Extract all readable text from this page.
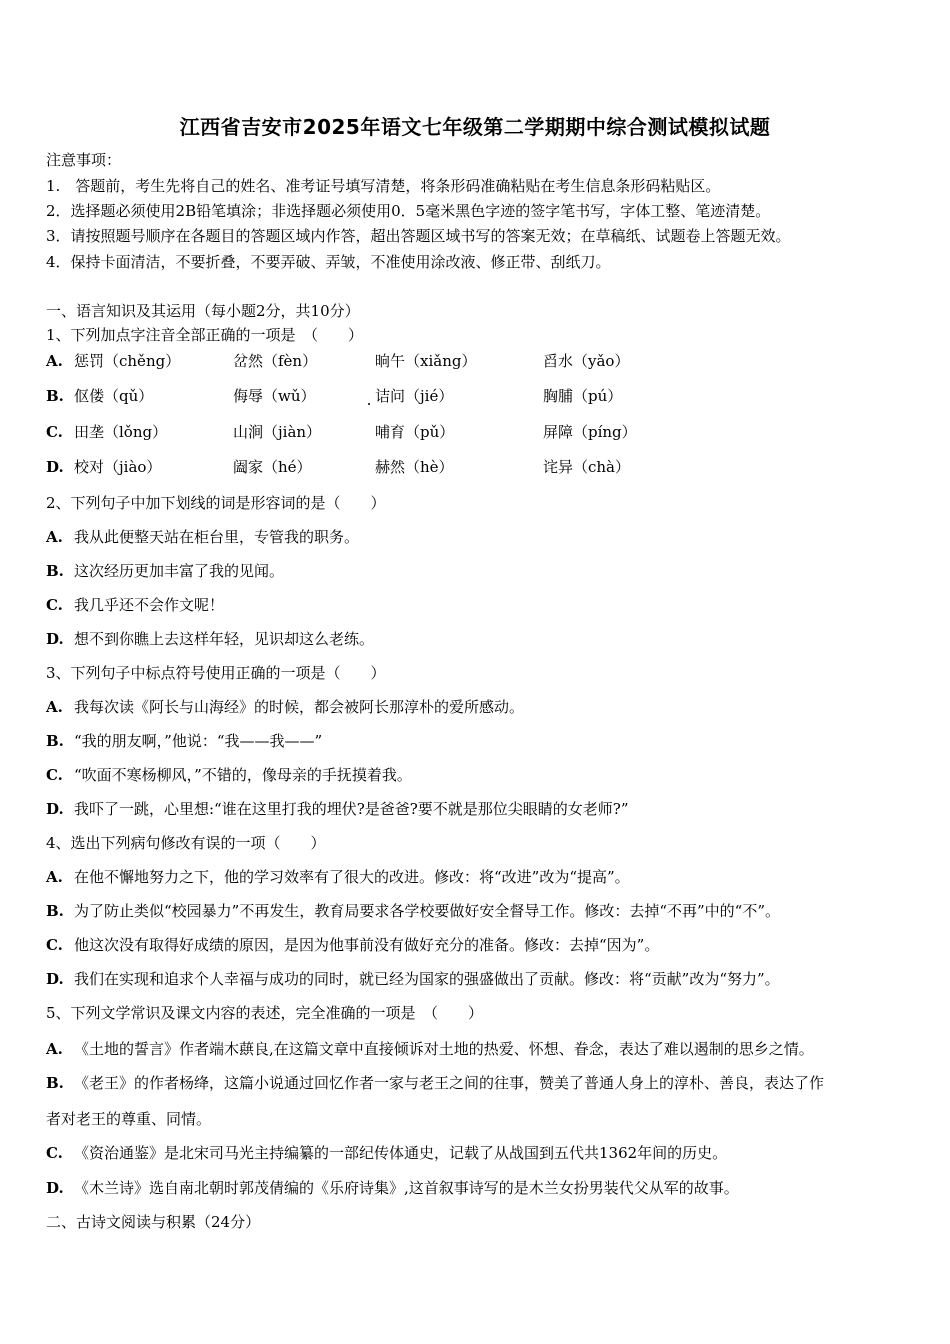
江西省吉安市2025年语文七年级第二学期期中综合测试模拟试题
注意事项：
1.　答题前，考生先将自己的姓名、准考证号填写清楚，将条形码准确粘贴在考生信息条形码粘贴区。
2．选择题必须使用2B铅笔填涂；非选择题必须使用0．5毫米黑色字迹的签字笔书写，字体工整、笔迹清楚。
3．请按照题号顺序在各题目的答题区域内作答，超出答题区域书写的答案无效；在草稿纸、试题卷上答题无效。
4．保持卡面清洁，不要折叠，不要弄破、弄皱，不准使用涂改液、修正带、刮纸刀。
一、语言知识及其运用（每小题2分，共10分）
1、下列加点字注音全部正确的一项是　（　　）
A. 惩罚（chěng）	岔然（fèn）	晌午（xiǎng）	舀水（yǎo）
B. 伛偻（qǔ）	侮辱（wǔ）	诘问（jié）	胸脯（pú）
C. 田垄（lǒng）	山涧（jiàn）	哺育（pǔ）	屏障（píng）
D. 校对（jiào）	阖家（hé）	赫然（hè）	诧异（chà）
2、下列句子中加下划线的词是形容词的是（　　）
A. 我从此便整天站在柜台里，专管我的职务。
B. 这次经历更加丰富了我的见闻。
C. 我几乎还不会作文呢！
D. 想不到你瞧上去这样年轻，见识却这么老练。
3、下列句子中标点符号使用正确的一项是（　　）
A. 我每次读《阿长与山海经》的时候，都会被阿长那淳朴的爱所感动。
B. “我的朋友啊，”他说：“我——我——”
C. “吹面不寒杨柳风，”不错的，像母亲的手抚摸着我。
D. 我吓了一跳，心里想:“谁在这里打我的埋伏?是爸爸?要不就是那位尖眼睛的女老师?”
4、选出下列病句修改有误的一项（　　）
A. 在他不懈地努力之下，他的学习效率有了很大的改进。修改：将“改进”改为“提高”。
B. 为了防止类似“校园暴力”不再发生，教育局要求各学校要做好安全督导工作。修改：去掉“不再”中的“不”。
C. 他这次没有取得好成绩的原因，是因为他事前没有做好充分的准备。修改：去掉“因为”。
D. 我们在实现和追求个人幸福与成功的同时，就已经为国家的强盛做出了贡献。修改：将“贡献”改为“努力”。
5、下列文学常识及课文内容的表述，完全准确的一项是　（　　）
A. 《土地的誓言》作者端木蕻良,在这篇文章中直接倾诉对土地的热爱、怀想、眷念，表达了难以遏制的思乡之情。
B. 《老王》的作者杨绛，这篇小说通过回忆作者一家与老王之间的往事，赞美了普通人身上的淳朴、善良，表达了作
者对老王的尊重、同情。
C. 《资治通鉴》是北宋司马光主持编纂的一部纪传体通史，记载了从战国到五代共1362年间的历史。
D. 《木兰诗》选自南北朝时郭茂倩编的《乐府诗集》,这首叙事诗写的是木兰女扮男装代父从军的故事。
二、古诗文阅读与积累（24分）
